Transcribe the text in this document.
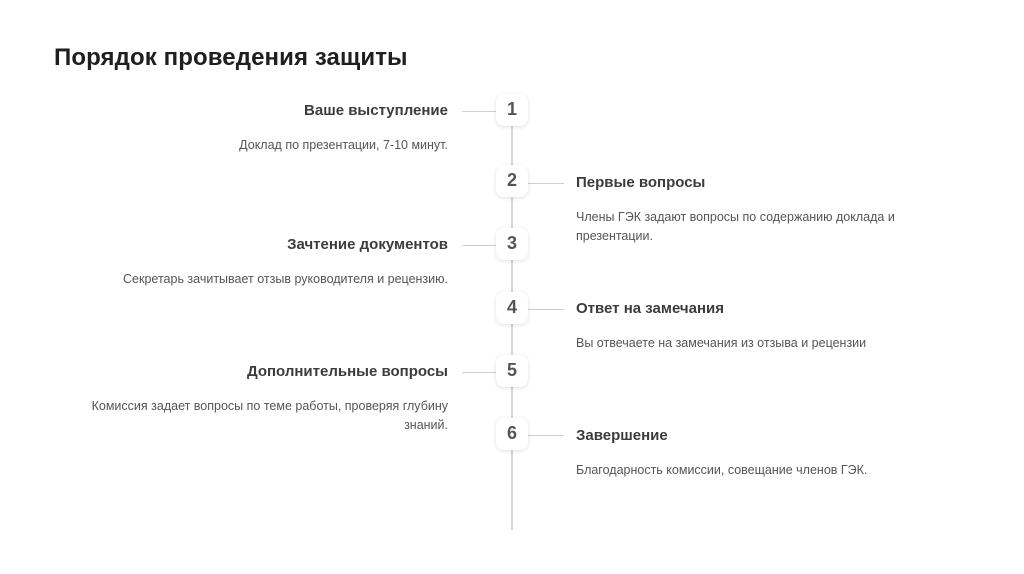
Порядок проведения защиты
1

Ваше выступление

Доклад по презентации, 7-10 минут.

2	Первые вопросы

Члены ГЭК задают вопросы по содержанию доклада и презентации.

3

Зачтение документов

Секретарь зачитывает отзыв руководителя и рецензию.

4	Ответ на замечания

Вы отвечаете на замечания из отзыва и рецензии

5

Дополнительные вопросы

Комиссия задает вопросы по теме работы, проверяя глубину знаний.	6	Завершение

Благодарность комиссии, совещание членов ГЭК.
